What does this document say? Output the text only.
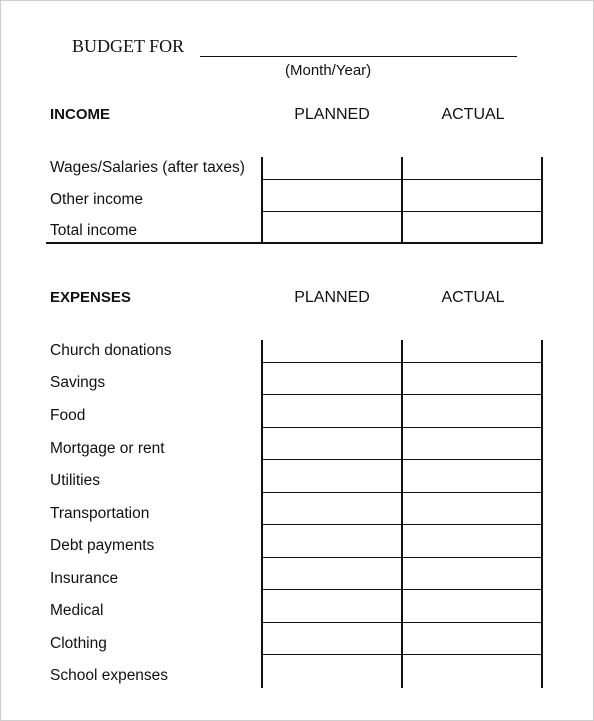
BUDGET FOR
(Month/Year)
INCOME	PLANNED	ACTUAL
Wages/Salaries (after taxes)
Other income
Total income
EXPENSES	PLANNED	ACTUAL
Church donations
Savings
Food
Mortgage or rent
Utilities
Transportation
Debt payments
Insurance
Medical
Clothing
School expenses
